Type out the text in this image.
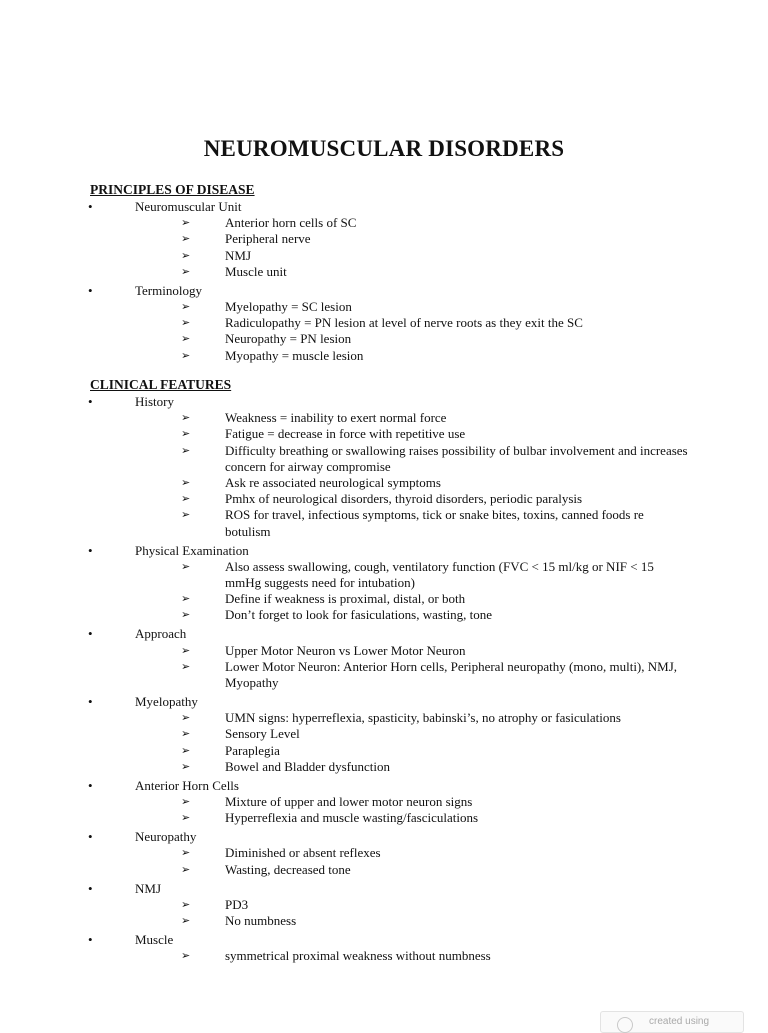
NEUROMUSCULAR DISORDERS
PRINCIPLES OF DISEASE
•	Neuromuscular Unit
➢	Anterior horn cells of SC
➢	Peripheral nerve
➢	NMJ
➢	Muscle unit
•	Terminology
➢	Myelopathy = SC lesion
➢	Radiculopathy = PN lesion at level of nerve roots as they exit the SC
➢	Neuropathy = PN lesion
➢	Myopathy = muscle lesion
CLINICAL FEATURES
•	History
➢	Weakness = inability to exert normal force
➢	Fatigue = decrease in force with repetitive use
➢	Difficulty breathing or swallowing raises possibility of bulbar involvement and increases concern for airway compromise
➢	Ask re associated neurological symptoms
➢	Pmhx of neurological disorders, thyroid disorders, periodic paralysis
➢	ROS for travel, infectious symptoms, tick or snake bites, toxins, canned foods re botulism
•	Physical Examination
➢	Also assess swallowing, cough, ventilatory function (FVC < 15 ml/kg or NIF < 15 mmHg suggests need for intubation)
➢	Define if weakness is proximal, distal, or both
➢	Don’t forget to look for fasiculations, wasting, tone
•	Approach
➢	Upper Motor Neuron vs Lower Motor Neuron
➢	Lower Motor Neuron: Anterior Horn cells, Peripheral neuropathy (mono, multi), NMJ, Myopathy
•	Myelopathy
➢	UMN signs: hyperreflexia, spasticity, babinski’s, no atrophy or fasiculations
➢	Sensory Level
➢	Paraplegia
➢	Bowel and Bladder dysfunction
•	Anterior Horn Cells
➢	Mixture of upper and lower motor neuron signs
➢	Hyperreflexia and muscle wasting/fasciculations
•	Neuropathy
➢	Diminished or absent reflexes
➢	Wasting, decreased tone
•	NMJ
➢	PD3
➢	No numbness
•	Muscle
➢	symmetrical proximal weakness without numbness
created using
